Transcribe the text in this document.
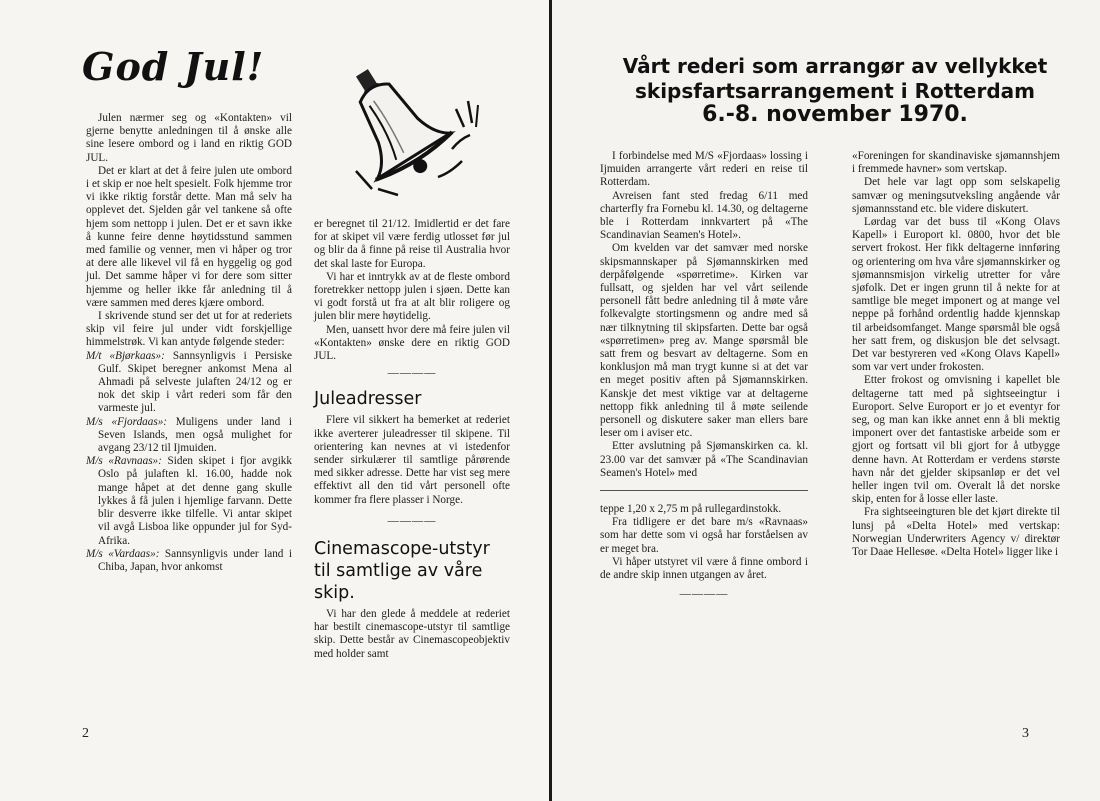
God Jul!

Julen nærmer seg og «Kontakten» vil gjerne benytte anledningen til å ønske alle sine lesere ombord og i land en riktig GOD JUL.

Det er klart at det å feire julen ute ombord i et skip er noe helt spesielt. Folk hjemme tror vi ikke riktig forstår dette. Man må selv ha opplevet det. Sjelden går vel tankene så ofte hjem som nettopp i julen. Det er et savn ikke å kunne feire denne høytidsstund sammen med familie og venner, men vi håper og tror at dere alle likevel vil få en hyggelig og god jul. Det samme håper vi for dere som sitter hjemme og heller ikke får anledning til å være sammen med deres kjære ombord.

I skrivende stund ser det ut for at rederiets skip vil feire jul under vidt forskjellige himmelstrøk. Vi kan antyde følgende steder:

M/t «Bjørkaas»: Sannsynligvis i Persiske Gulf. Skipet beregner ankomst Mena al Ahmadi på selveste julaften 24/12 og er nok det skip i vårt rederi som får den varmeste jul.

M/s «Fjordaas»: Muligens under land i Seven Islands, men også mulighet for avgang 23/12 til Ijmuiden.

M/s «Ravnaas»: Siden skipet i fjor avgikk Oslo på julaften kl. 16.00, hadde nok mange håpet at det denne gang skulle lykkes å få julen i hjemlige farvann. Dette blir desverre ikke tilfelle. Vi antar skipet vil avgå Lisboa like oppunder jul for Syd-Afrika.

M/s «Vardaas»: Sannsynligvis under land i Chiba, Japan, hvor ankomst

er beregnet til 21/12. Imidlertid er det fare for at skipet vil være ferdig utlosset før jul og blir da å finne på reise til Australia hvor det skal laste for Europa.

Vi har et inntrykk av at de fleste ombord foretrekker nettopp julen i sjøen. Dette kan vi godt forstå ut fra at alt blir roligere og julen blir mere høytidelig.

Men, uansett hvor dere må feire julen vil «Kontakten» ønske dere en riktig GOD JUL.

————

Juleadresser

Flere vil sikkert ha bemerket at rederiet ikke averterer juleadresser til skipene. Til orientering kan nevnes at vi istedenfor sender sirkulærer til samtlige pårørende med sikker adresse. Dette har vist seg mere effektivt all den tid vårt personell ofte kommer fra flere plasser i Norge.

————

Cinemascope-utstyr til samtlige av våre skip.

Vi har den glede å meddele at rederiet har bestilt cinemascope-utstyr til samtlige skip. Dette består av Cinemascopeobjektiv med holder samt

2
Vårt rederi som arrangør av vellykket
skipsfartsarrangement i Rotterdam
6.-8. november 1970.

I forbindelse med M/S «Fjordaas» lossing i Ijmuiden arrangerte vårt rederi en reise til Rotterdam.

Avreisen fant sted fredag 6/11 med charterfly fra Fornebu kl. 14.30, og deltagerne ble i Rotterdam innkvartert på «The Scandinavian Seamen's Hotel».

Om kvelden var det samvær med norske skipsmannskaper på Sjømannskirken med derpåfølgende «spørretime». Kirken var fullsatt, og sjelden har vel vårt seilende personell fått bedre anledning til å møte våre folkevalgte stortingsmenn og andre med så nær tilknytning til skipsfarten. Dette bar også «spørretimen» preg av. Mange spørsmål ble satt frem og besvart av deltagerne. Som en konklusjon må man trygt kunne si at det var en meget positiv aften på Sjømannskirken. Kanskje det mest viktige var at deltagerne nettopp fikk anledning til å møte seilende personell og diskutere saker man ellers bare leser om i aviser etc.

Etter avslutning på Sjømanskirken ca. kl. 23.00 var det samvær på «The Scandinavian Seamen's Hotel» med

teppe 1,20 x 2,75 m på rullegardinstokk.

Fra tidligere er det bare m/s «Ravnaas» som har dette som vi også har forståelsen av er meget bra.

Vi håper utstyret vil være å finne ombord i de andre skip innen utgangen av året.

————

«Foreningen for skandinaviske sjømannshjem i fremmede havner» som vertskap.

Det hele var lagt opp som selskapelig samvær og meningsutveksling angående vår sjømannsstand etc. ble videre diskutert.

Lørdag var det buss til «Kong Olavs Kapell» i Europort kl. 0800, hvor det ble servert frokost. Her fikk deltagerne innføring og orientering om hva våre sjømannskirker og sjømannsmisjon virkelig utretter for våre sjøfolk. Det er ingen grunn til å nekte for at samtlige ble meget imponert og at mange vel neppe på forhånd ordentlig hadde kjennskap til arbeidsomfanget. Mange spørsmål ble også her satt frem, og diskusjon ble det selvsagt. Det var bestyreren ved «Kong Olavs Kapell» som var vert under frokosten.

Etter frokost og omvisning i kapellet ble deltagerne tatt med på sightseeingtur i Europort. Selve Europort er jo et eventyr for seg, og man kan ikke annet enn å bli mektig imponert over det fantastiske arbeide som er gjort og fortsatt vil bli gjort for å utbygge denne havn. At Rotterdam er verdens største havn når det gjelder skipsanløp er det vel heller ingen tvil om. Overalt lå det norske skip, enten for å losse eller laste.

Fra sightseeingturen ble det kjørt direkte til lunsj på «Delta Hotel» med vertskap: Norwegian Underwriters Agency v/ direktør Tor Daae Hellesøe. «Delta Hotel» ligger like i

3
